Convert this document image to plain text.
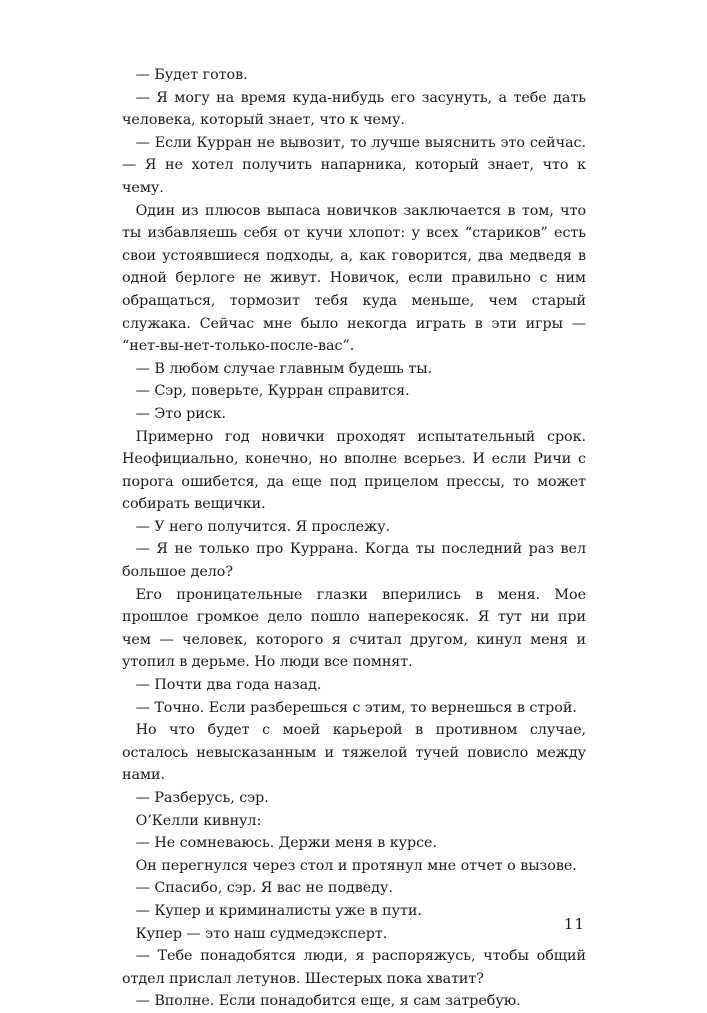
— Будет готов.

— Я могу на время куда-нибудь его засунуть, а тебе дать человека, который знает, что к чему.

— Если Курран не вывозит, то лучше выяснить это сейчас. — Я не хотел получить напарника, который знает, что к чему.

Один из плюсов выпаса новичков заключается в том, что ты избавляешь себя от кучи хлопот: у всех “стариков” есть свои устоявшиеся подходы, а, как говорится, два медведя в одной берлоге не живут. Новичок, если правильно с ним обращаться, тормозит тебя куда меньше, чем старый служака. Сейчас мне было некогда играть в эти игры — “нет-вы-нет-только-после-вас”.

— В любом случае главным будешь ты.

— Сэр, поверьте, Курран справится.

— Это риск.

Примерно год новички проходят испытательный срок. Неофициально, конечно, но вполне всерьез. И если Ричи с порога ошибется, да еще под прицелом прессы, то может собирать вещички.

— У него получится. Я прослежу.

— Я не только про Куррана. Когда ты последний раз вел большое дело?

Его проницательные глазки вперились в меня. Мое прошлое громкое дело пошло наперекосяк. Я тут ни при чем — человек, которого я считал другом, кинул меня и утопил в дерьме. Но люди все помнят.

— Почти два года назад.

— Точно. Если разберешься с этим, то вернешься в строй.

Но что будет с моей карьерой в противном случае, осталось невысказанным и тяжелой тучей повисло между нами.

— Разберусь, сэр.

О’Келли кивнул:

— Не сомневаюсь. Держи меня в курсе.

Он перегнулся через стол и протянул мне отчет о вызове.

— Спасибо, сэр. Я вас не подведу.

— Купер и криминалисты уже в пути.

Купер — это наш судмедэксперт.

— Тебе понадобятся люди, я распоряжусь, чтобы общий отдел прислал летунов. Шестерых пока хватит?

— Вполне. Если понадобится еще, я сам затребую.

11
